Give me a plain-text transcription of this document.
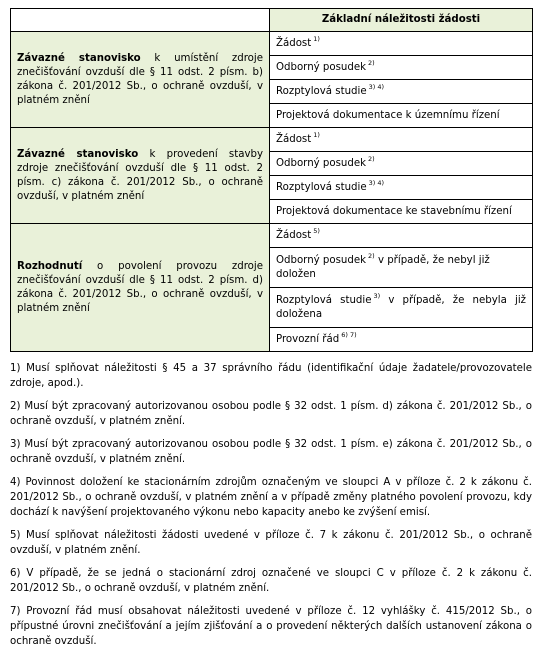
	Základní náležitosti žádosti
Závazné stanovisko k umístění zdroje znečišťování ovzduší dle § 11 odst. 2 písm. b) zákona č. 201/2012 Sb., o ochraně ovzduší, v platném znění	Žádost $^{1)}$
	Odborný posudek $^{2)}$
	Rozptylová studie $^{3) 4)}$
	Projektová dokumentace k územnímu řízení
Závazné stanovisko k provedení stavby zdroje znečišťování ovzduší dle § 11 odst. 2 písm. c) zákona č. 201/2012 Sb., o ochraně ovzduší, v platném znění	Žádost $^{1)}$
	Odborný posudek $^{2)}$
	Rozptylová studie $^{3) 4)}$
	Projektová dokumentace ke stavebnímu řízení
Rozhodnutí o povolení provozu zdroje znečišťování ovzduší dle § 11 odst. 2 písm. d) zákona č. 201/2012 Sb., o ochraně ovzduší, v platném znění	Žádost $^{5)}$
	Odborný posudek $^{2)}$ v případě, že nebyl již doložen
	Rozptylová studie $^{3)}$ v případě, že nebyla již doložena
	Provozní řád $^{6) 7)}$

1) Musí splňovat náležitosti § 45 a 37 správního řádu (identifikační údaje žadatele/provozovatele zdroje, apod.).

2) Musí být zpracovaný autorizovanou osobou podle § 32 odst. 1 písm. d) zákona č. 201/2012 Sb., o ochraně ovzduší, v platném znění.

3) Musí být zpracovaný autorizovanou osobou podle § 32 odst. 1 písm. e) zákona č. 201/2012 Sb., o ochraně ovzduší, v platném znění.

4) Povinnost doložení ke stacionárním zdrojům označeným ve sloupci A v příloze č. 2 k zákonu č. 201/2012 Sb., o ochraně ovzduší, v platném znění a v případě změny platného povolení provozu, kdy dochází k navýšení projektovaného výkonu nebo kapacity anebo ke zvýšení emisí.

5) Musí splňovat náležitosti žádosti uvedené v příloze č. 7 k zákonu č. 201/2012 Sb., o ochraně ovzduší, v platném znění.

6) V případě, že se jedná o stacionární zdroj označené ve sloupci C v příloze č. 2 k zákonu č. 201/2012 Sb., o ochraně ovzduší, v platném znění.

7) Provozní řád musí obsahovat náležitosti uvedené v příloze č. 12 vyhlášky č. 415/2012 Sb., o přípustné úrovni znečišťování a jejím zjišťování a o provedení některých dalších ustanovení zákona o ochraně ovzduší.
